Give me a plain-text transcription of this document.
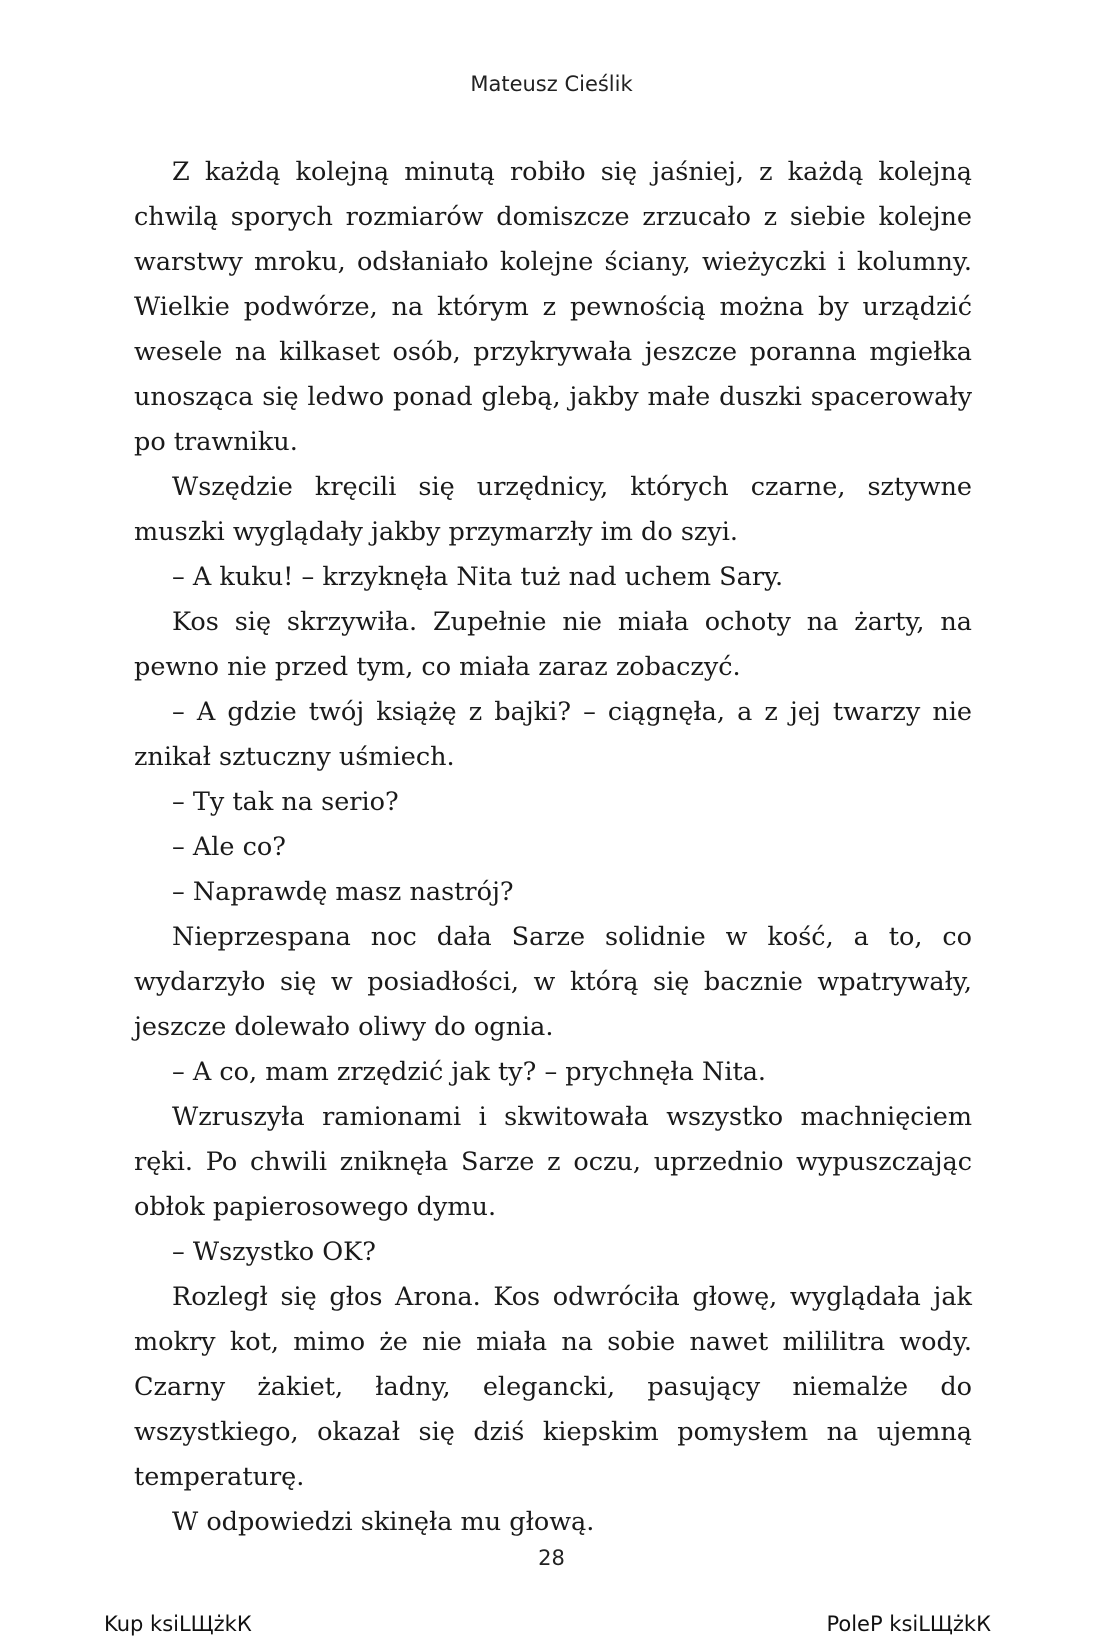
Mateusz Cieślik

Z każdą kolejną minutą robiło się jaśniej, z każdą kolejną chwilą sporych rozmiarów domiszcze zrzucało z siebie kolejne warstwy mroku, odsłaniało kolejne ściany, wieżyczki i kolumny. Wielkie podwórze, na którym z pewnością można by urządzić wesele na kilkaset osób, przykrywała jeszcze poranna mgiełka unosząca się ledwo ponad glebą, jakby małe duszki spacerowały po trawniku.

Wszędzie kręcili się urzędnicy, których czarne, sztywne muszki wyglądały jakby przymarzły im do szyi.

– A kuku! – krzyknęła Nita tuż nad uchem Sary.

Kos się skrzywiła. Zupełnie nie miała ochoty na żarty, na pewno nie przed tym, co miała zaraz zobaczyć.

– A gdzie twój książę z bajki? – ciągnęła, a z jej twarzy nie znikał sztuczny uśmiech.

– Ty tak na serio?

– Ale co?

– Naprawdę masz nastrój?

Nieprzespana noc dała Sarze solidnie w kość, a to, co wydarzyło się w posiadłości, w którą się bacznie wpatrywały, jeszcze dolewało oliwy do ognia.

– A co, mam zrzędzić jak ty? – prychnęła Nita.

Wzruszyła ramionami i skwitowała wszystko machnięciem ręki. Po chwili zniknęła Sarze z oczu, uprzednio wypuszczając obłok papierosowego dymu.

– Wszystko OK?

Rozległ się głos Arona. Kos odwróciła głowę, wyglądała jak mokry kot, mimo że nie miała na sobie nawet mililitra wody. Czarny żakiet, ładny, elegancki, pasujący niemalże do wszystkiego, okazał się dziś kiepskim pomysłem na ujemną temperaturę.

W odpowiedzi skinęła mu głową.

28
Kup ksiLЩżkК	PoleР ksiLЩżkК
